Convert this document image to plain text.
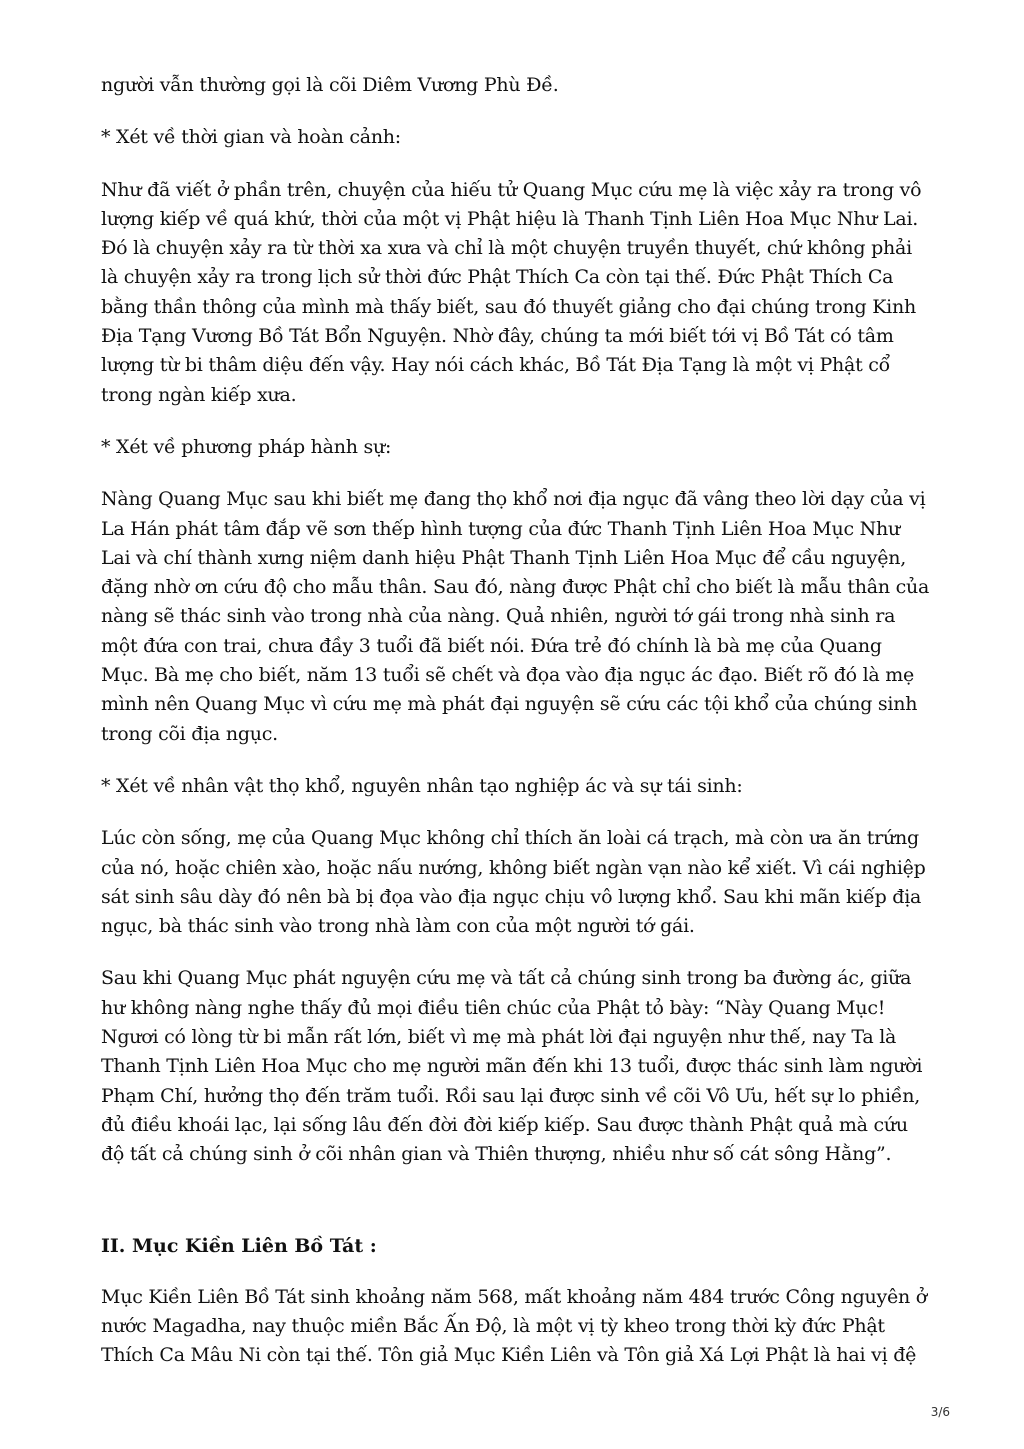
người vẫn thường gọi là cõi Diêm Vương Phù Đề.

* Xét về thời gian và hoàn cảnh:

Như đã viết ở phần trên, chuyện của hiếu tử Quang Mục cứu mẹ là việc xảy ra trong vô lượng kiếp về quá khứ, thời của một vị Phật hiệu là Thanh Tịnh Liên Hoa Mục Như Lai. Đó là chuyện xảy ra từ thời xa xưa và chỉ là một chuyện truyền thuyết, chứ không phải là chuyện xảy ra trong lịch sử thời đức Phật Thích Ca còn tại thế. Đức Phật Thích Ca bằng thần thông của mình mà thấy biết, sau đó thuyết giảng cho đại chúng trong Kinh Địa Tạng Vương Bồ Tát Bổn Nguyện. Nhờ đây, chúng ta mới biết tới vị Bồ Tát có tâm lượng từ bi thâm diệu đến vậy. Hay nói cách khác, Bồ Tát Địa Tạng là một vị Phật cổ trong ngàn kiếp xưa.

* Xét về phương pháp hành sự:

Nàng Quang Mục sau khi biết mẹ đang thọ khổ nơi địa ngục đã vâng theo lời dạy của vị La Hán phát tâm đắp vẽ sơn thếp hình tượng của đức Thanh Tịnh Liên Hoa Mục Như Lai và chí thành xưng niệm danh hiệu Phật Thanh Tịnh Liên Hoa Mục để cầu nguyện, đặng nhờ ơn cứu độ cho mẫu thân. Sau đó, nàng được Phật chỉ cho biết là mẫu thân của nàng sẽ thác sinh vào trong nhà của nàng. Quả nhiên, người tớ gái trong nhà sinh ra một đứa con trai, chưa đầy 3 tuổi đã biết nói. Đứa trẻ đó chính là bà mẹ của Quang Mục. Bà mẹ cho biết, năm 13 tuổi sẽ chết và đọa vào địa ngục ác đạo. Biết rõ đó là mẹ mình nên Quang Mục vì cứu mẹ mà phát đại nguyện sẽ cứu các tội khổ của chúng sinh trong cõi địa ngục.

* Xét về nhân vật thọ khổ, nguyên nhân tạo nghiệp ác và sự tái sinh:

Lúc còn sống, mẹ của Quang Mục không chỉ thích ăn loài cá trạch, mà còn ưa ăn trứng của nó, hoặc chiên xào, hoặc nấu nướng, không biết ngàn vạn nào kể xiết. Vì cái nghiệp sát sinh sâu dày đó nên bà bị đọa vào địa ngục chịu vô lượng khổ. Sau khi mãn kiếp địa ngục, bà thác sinh vào trong nhà làm con của một người tớ gái.

Sau khi Quang Mục phát nguyện cứu mẹ và tất cả chúng sinh trong ba đường ác, giữa hư không nàng nghe thấy đủ mọi điều tiên chúc của Phật tỏ bày: “Này Quang Mục! Ngươi có lòng từ bi mẫn rất lớn, biết vì mẹ mà phát lời đại nguyện như thế, nay Ta là Thanh Tịnh Liên Hoa Mục cho mẹ người mãn đến khi 13 tuổi, được thác sinh làm người Phạm Chí, hưởng thọ đến trăm tuổi. Rồi sau lại được sinh về cõi Vô Ưu, hết sự lo phiền, đủ điều khoái lạc, lại sống lâu đến đời đời kiếp kiếp. Sau được thành Phật quả mà cứu độ tất cả chúng sinh ở cõi nhân gian và Thiên thượng, nhiều như số cát sông Hằng”.

II. Mục Kiền Liên Bồ Tát :

Mục Kiền Liên Bồ Tát sinh khoảng năm 568, mất khoảng năm 484 trước Công nguyên ở nước Magadha, nay thuộc miền Bắc Ấn Độ, là một vị tỳ kheo trong thời kỳ đức Phật Thích Ca Mâu Ni còn tại thế. Tôn giả Mục Kiền Liên và Tôn giả Xá Lợi Phật là hai vị đệ

3/6
